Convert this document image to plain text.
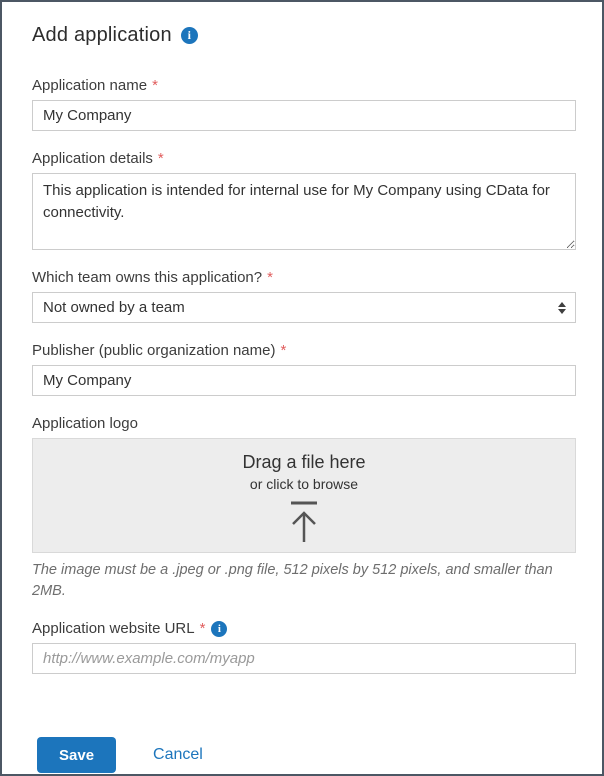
Add application	i
Application name *
My Company
Application details *
This application is intended for internal use for My Company using CData for connectivity.
Which team owns this application? *
Not owned by a team
Publisher (public organization name) *
My Company
Application logo
Drag a file here
or click to browse
The image must be a .jpeg or .png file, 512 pixels by 512 pixels, and smaller than 2MB.
Application website URL *	i
http://www.example.com/myapp
Save	Cancel
